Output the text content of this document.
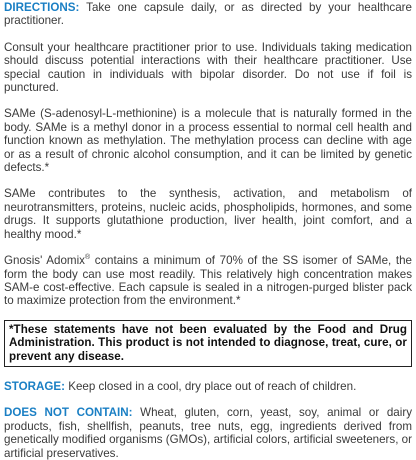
DIRECTIONS: Take one capsule daily, or as directed by your healthcare practitioner.

Consult your healthcare practitioner prior to use. Individuals taking medication should discuss potential interactions with their healthcare practitioner. Use special caution in individuals with bipolar disorder. Do not use if foil is punctured.

SAMe (S-adenosyl-L-methionine) is a molecule that is naturally formed in the body. SAMe is a methyl donor in a process essential to normal cell health and function known as methylation. The methylation process can decline with age or as a result of chronic alcohol consumption, and it can be limited by genetic defects.*

SAMe contributes to the synthesis, activation, and metabolism of neurotransmitters, proteins, nucleic acids, phospholipids, hormones, and some drugs. It supports glutathione production, liver health, joint comfort, and a healthy mood.*

Gnosis' Adomix® contains a minimum of 70% of the SS isomer of SAMe, the form the body can use most readily. This relatively high concentration makes SAM-e cost-effective. Each capsule is sealed in a nitrogen-purged blister pack to maximize protection from the environment.*

*These statements have not been evaluated by the Food and Drug Administration. This product is not intended to diagnose, treat, cure, or prevent any disease.

STORAGE: Keep closed in a cool, dry place out of reach of children.

DOES NOT CONTAIN: Wheat, gluten, corn, yeast, soy, animal or dairy products, fish, shellfish, peanuts, tree nuts, egg, ingredients derived from genetically modified organisms (GMOs), artificial colors, artificial sweeteners, or artificial preservatives.
